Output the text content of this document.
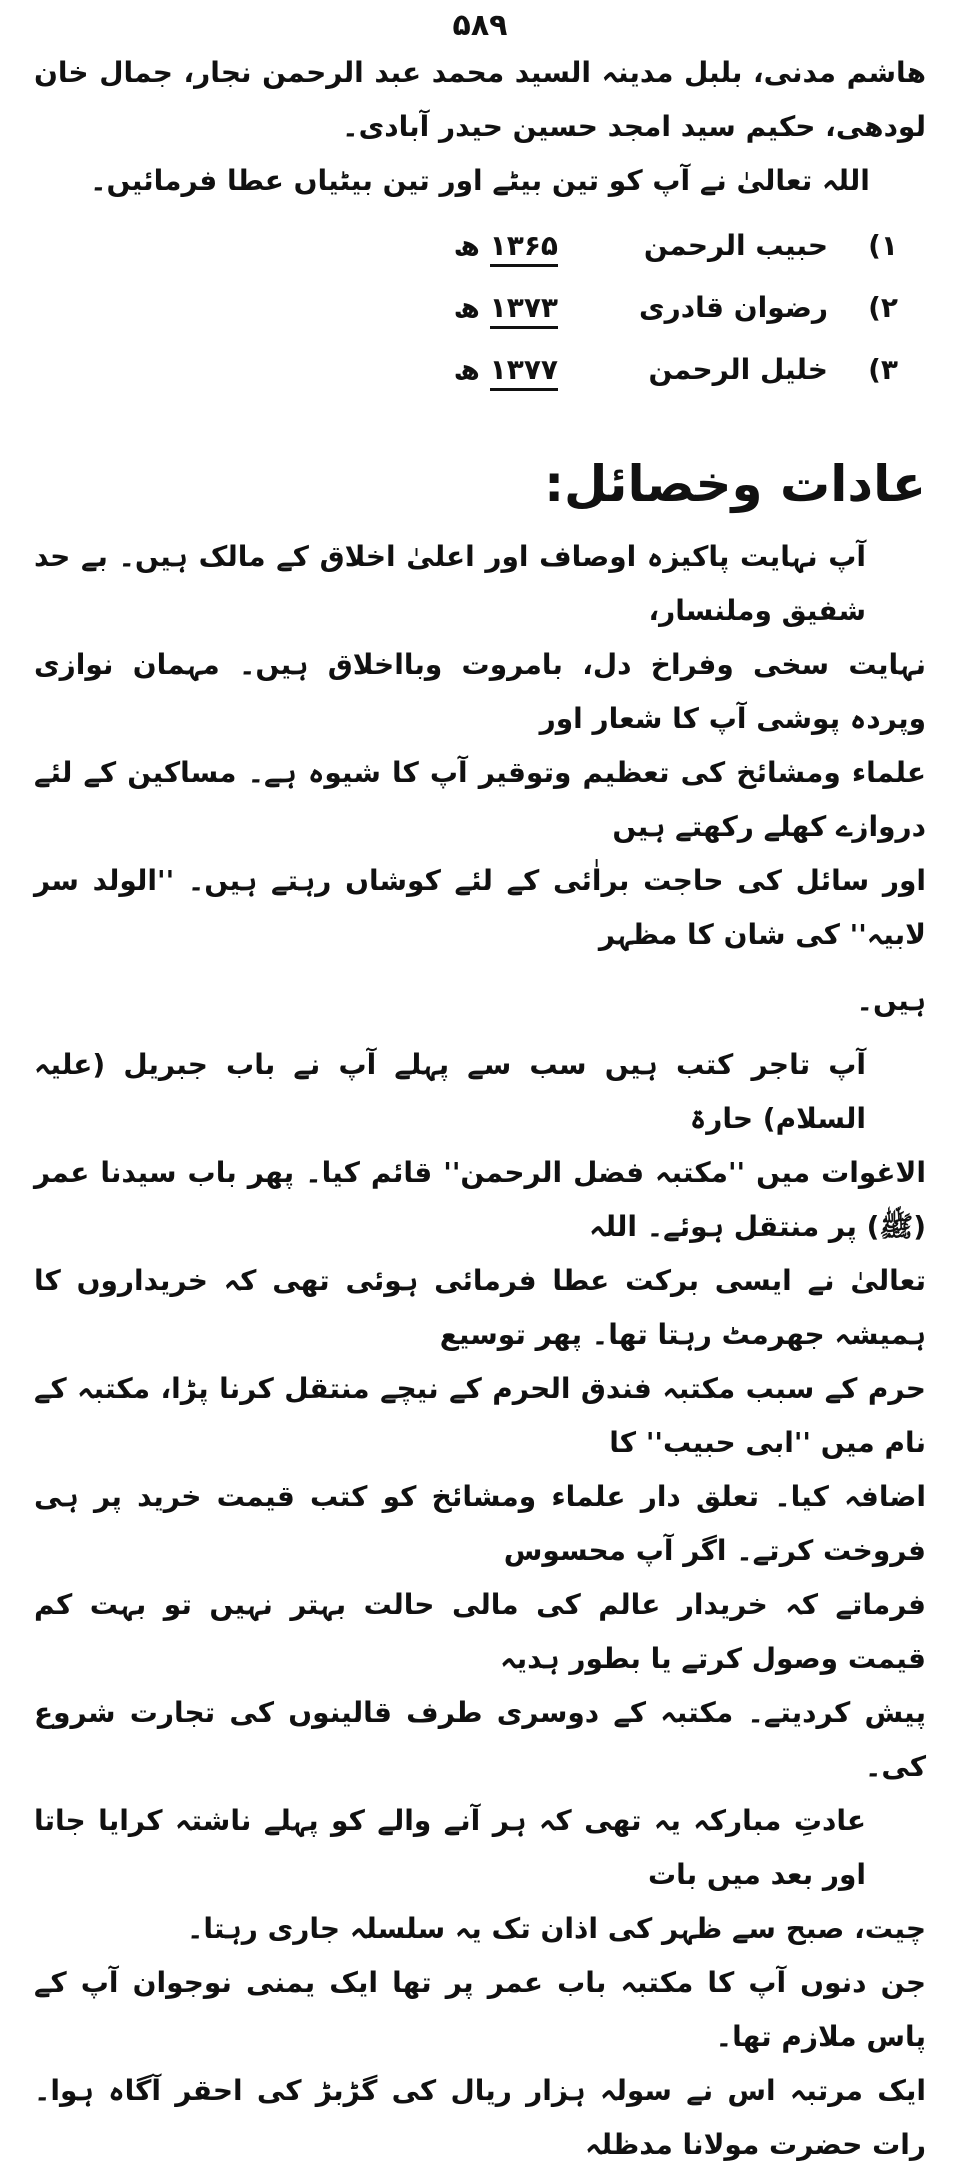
۵۸۹

ھاشم مدنی، بلبل مدینہ السید محمد عبد الرحمن نجار، جمال خان لودھی، حکیم سید امجد حسین حیدر آبادی۔

اللہ تعالیٰ نے آپ کو تین بیٹے اور تین بیٹیاں عطا فرمائیں۔

۱)
حبیب الرحمن
۱۳۶۵ ھ
۲)
رضوان قادری
۱۳۷۳ ھ
۳)
خلیل الرحمن
۱۳۷۷ ھ
عادات وخصائل:

آپ نہایت پاکیزہ اوصاف اور اعلیٰ اخلاق کے مالک ہیں۔ بے حد شفیق وملنسار،

نہایت سخی وفراخ دل، بامروت وبااخلاق ہیں۔ مہمان نوازی وپردہ پوشی آپ کا شعار اور

علماء ومشائخ کی تعظیم وتوقیر آپ کا شیوہ ہے۔ مساکین کے لئے دروازے کھلے رکھتے ہیں

اور سائل کی حاجت براٰئی کے لئے کوشاں رہتے ہیں۔ ''الولد سر لابیہ'' کی شان کا مظہر

ہیں۔

آپ تاجر کتب ہیں سب سے پہلے آپ نے باب جبریل (علیہ السلام) حارۃ

الاغوات میں ''مکتبہ فضل الرحمن'' قائم کیا۔ پھر باب سیدنا عمر (ﷺ) پر منتقل ہوئے۔ اللہ

تعالیٰ نے ایسی برکت عطا فرمائی ہوئی تھی کہ خریداروں کا ہمیشہ جھرمٹ رہتا تھا۔ پھر توسیع

حرم کے سبب مکتبہ فندق الحرم کے نیچے منتقل کرنا پڑا، مکتبہ کے نام میں ''ابی حبیب'' کا

اضافہ کیا۔ تعلق دار علماء ومشائخ کو کتب قیمت خرید پر ہی فروخت کرتے۔ اگر آپ محسوس

فرماتے کہ خریدار عالم کی مالی حالت بہتر نہیں تو بہت کم قیمت وصول کرتے یا بطور ہدیہ

پیش کردیتے۔ مکتبہ کے دوسری طرف قالینوں کی تجارت شروع کی۔

عادتِ مبارکہ یہ تھی کہ ہر آنے والے کو پہلے ناشتہ کرایا جاتا اور بعد میں بات

چیت، صبح سے ظہر کی اذان تک یہ سلسلہ جاری رہتا۔

جن دنوں آپ کا مکتبہ باب عمر پر تھا ایک یمنی نوجوان آپ کے پاس ملازم تھا۔

ایک مرتبہ اس نے سولہ ہزار ریال کی گڑبڑ کی احقر آگاہ ہوا۔ رات حضرت مولانا مدظلہ
